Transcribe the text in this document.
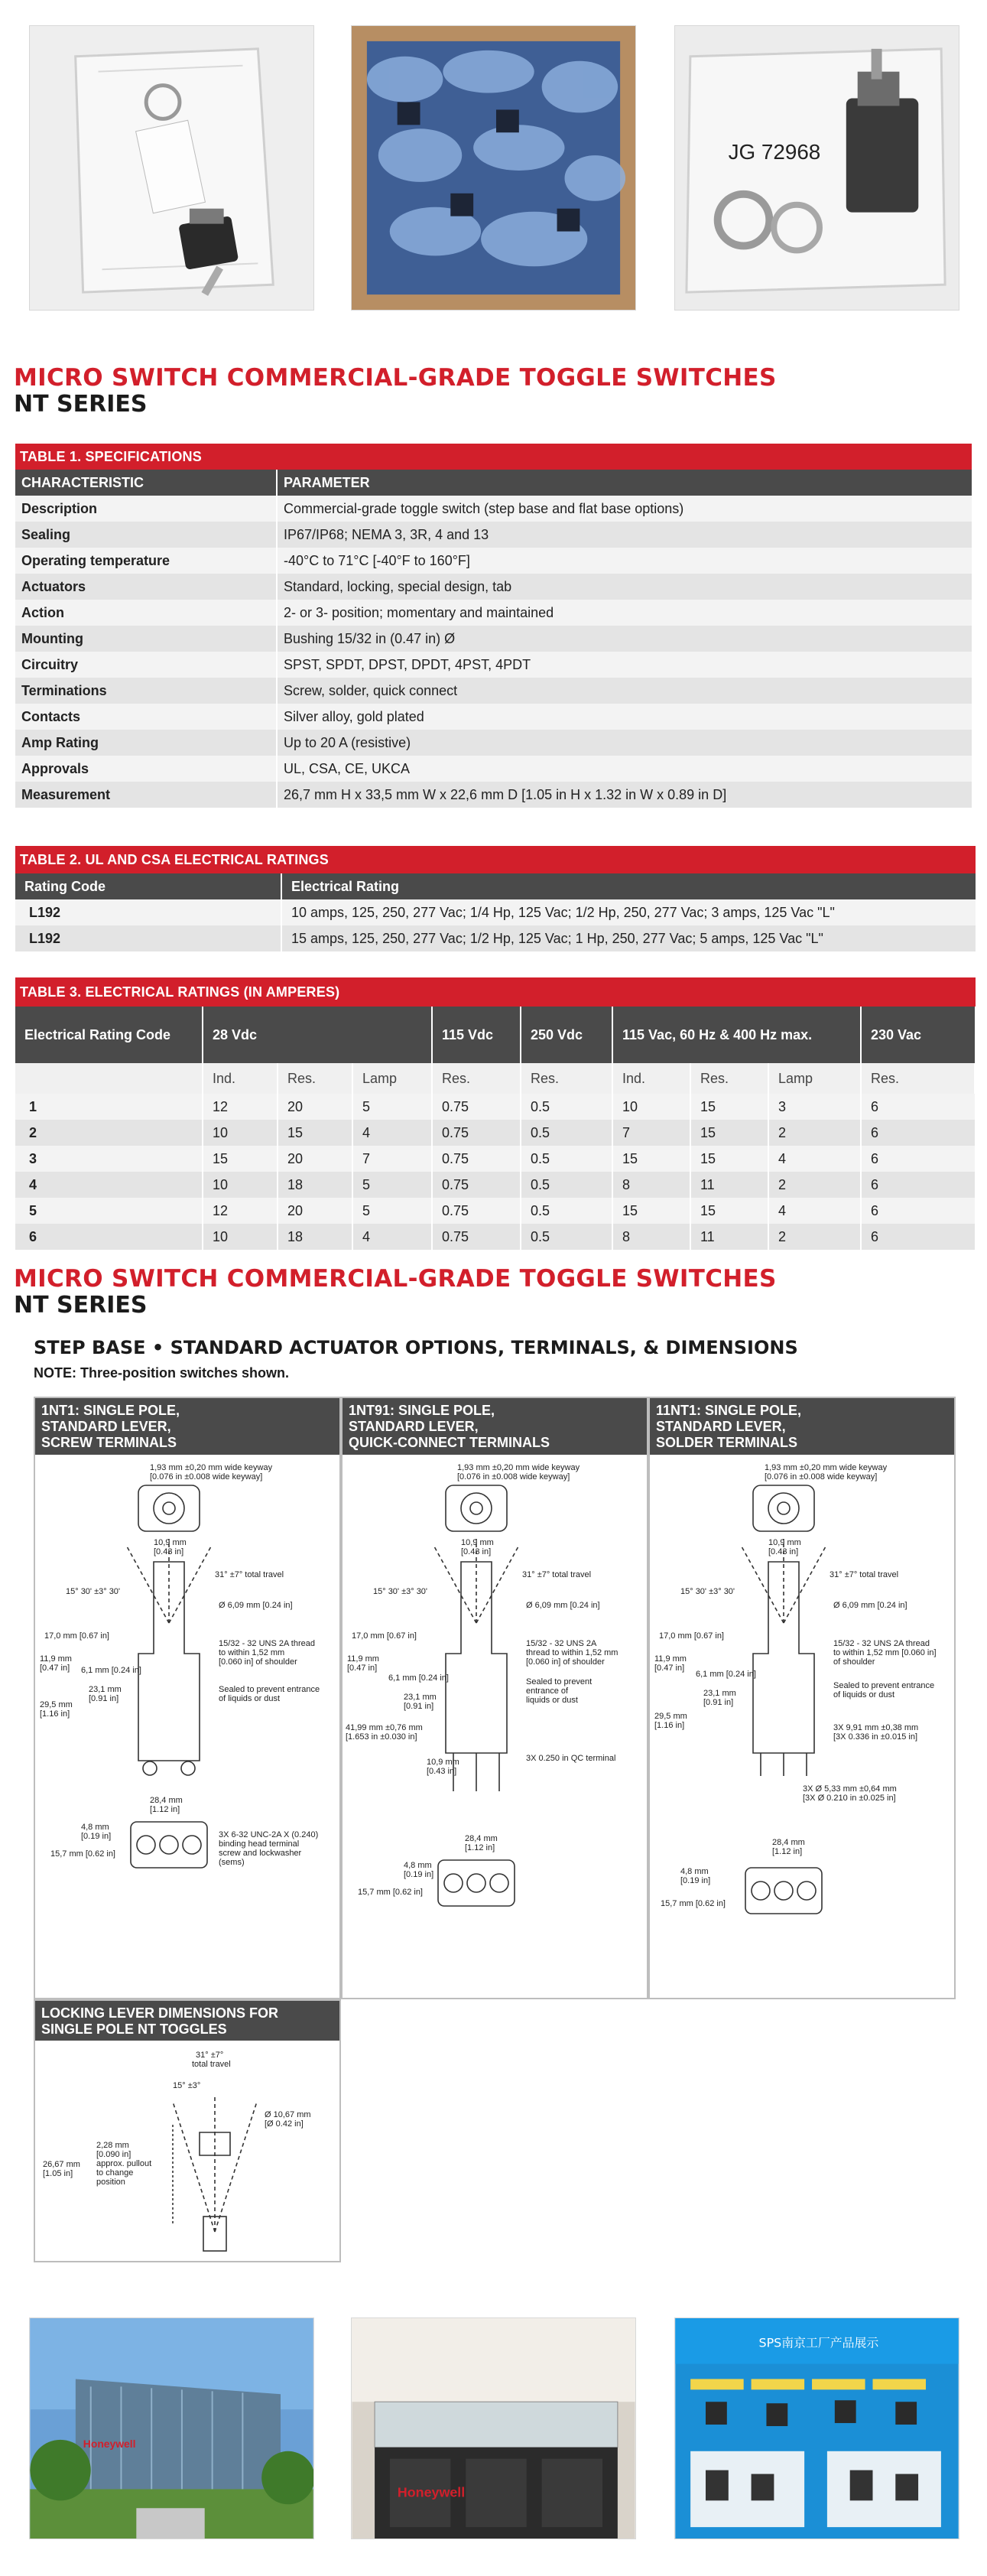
JG 72968
MICRO SWITCH COMMERCIAL-GRADE TOGGLE SWITCHES
NT SERIES
TABLE 1. SPECIFICATIONS
CHARACTERISTIC	PARAMETER
Description	Commercial-grade toggle switch (step base and flat base options)
Sealing	IP67/IP68; NEMA 3, 3R, 4 and 13
Operating temperature	-40°C to 71°C [-40°F to 160°F]
Actuators	Standard, locking, special design, tab
Action	2- or 3- position; momentary and maintained
Mounting	Bushing 15/32 in (0.47 in) Ø
Circuitry	SPST, SPDT, DPST, DPDT, 4PST, 4PDT
Terminations	Screw, solder, quick connect
Contacts	Silver alloy, gold plated
Amp Rating	Up to 20 A (resistive)
Approvals	UL, CSA, CE, UKCA
Measurement	26,7 mm H x 33,5 mm W x 22,6 mm D [1.05 in H x 1.32 in W x 0.89 in D]
TABLE 2. UL AND CSA ELECTRICAL RATINGS
Rating Code	Electrical Rating
L192	10 amps, 125, 250, 277 Vac; 1/4 Hp, 125 Vac; 1/2 Hp, 250, 277 Vac; 3 amps, 125 Vac "L"
L192	15 amps, 125, 250, 277 Vac; 1/2 Hp, 125 Vac; 1 Hp, 250, 277 Vac; 5 amps, 125 Vac "L"
TABLE 3. ELECTRICAL RATINGS (IN AMPERES)
Electrical Rating Code	28 Vdc			115 Vdc	250 Vdc	115 Vac, 60 Hz & 400 Hz max.			230 Vac
	Ind.	Res.	Lamp	Res.	Res.	Ind.	Res.	Lamp	Res.
1	12	20	5	0.75	0.5	10	15	3	6
2	10	15	4	0.75	0.5	7	15	2	6
3	15	20	7	0.75	0.5	15	15	4	6
4	10	18	5	0.75	0.5	8	11	2	6
5	12	20	5	0.75	0.5	15	15	4	6
6	10	18	4	0.75	0.5	8	11	2	6
MICRO SWITCH COMMERCIAL-GRADE TOGGLE SWITCHES
NT SERIES
STEP BASE • STANDARD ACTUATOR OPTIONS, TERMINALS, & DIMENSIONS
NOTE: Three-position switches shown.
1NT1: SINGLE POLE,
STANDARD LEVER,
SCREW TERMINALS
1,93 mm ±0,20 mm wide keyway
[0.076 in ±0.008 wide keyway]
10,9 mm
[0.43 in]
31° ±7° total travel
15° 30' ±3° 30'
Ø 6,09 mm [0.24 in]
17,0 mm [0.67 in]
15/32 - 32 UNS 2A thread
to within 1,52 mm
[0.060 in] of shoulder
11,9 mm
[0.47 in] 6,1 mm [0.24 in]
23,1 mm
[0.91 in]
Sealed to prevent entrance
of liquids or dust
29,5 mm
[1.16 in]
28,4 mm
[1.12 in]
4,8 mm
[0.19 in]
15,7 mm [0.62 in]
3X 6-32 UNC-2A X (0.240)
binding head terminal
screw and lockwasher
(sems)
1NT91: SINGLE POLE,
STANDARD LEVER,
QUICK-CONNECT TERMINALS
1,93 mm ±0,20 mm wide keyway
[0.076 in ±0.008 wide keyway]
10,9 mm
[0.43 in]
31° ±7° total travel
15° 30' ±3° 30'
Ø 6,09 mm [0.24 in]
17,0 mm [0.67 in]
15/32 - 32 UNS 2A
thread to within 1,52 mm
[0.060 in] of shoulder
11,9 mm
[0.47 in]
6,1 mm [0.24 in]
23,1 mm
[0.91 in]
Sealed to prevent
entrance of
liquids or dust
41,99 mm ±0,76 mm
[1.653 in ±0.030 in]
10,9 mm
[0.43 in]
3X 0.250 in QC terminal
28,4 mm
[1.12 in]
4,8 mm
[0.19 in]
15,7 mm [0.62 in]
11NT1: SINGLE POLE,
STANDARD LEVER,
SOLDER TERMINALS
1,93 mm ±0,20 mm wide keyway
[0.076 in ±0.008 wide keyway]
10,9 mm
[0.43 in]
31° ±7° total travel
15° 30' ±3° 30'
Ø 6,09 mm [0.24 in]
17,0 mm [0.67 in]
15/32 - 32 UNS 2A thread
to within 1,52 mm [0.060 in]
of shoulder
11,9 mm
[0.47 in]
6,1 mm [0.24 in]
23,1 mm
[0.91 in]
Sealed to prevent entrance
of liquids or dust
29,5 mm
[1.16 in]	3X 9,91 mm ±0,38 mm
[3X 0.336 in ±0.015 in]
3X Ø 5,33 mm ±0,64 mm
[3X Ø 0.210 in ±0.025 in]
28,4 mm
[1.12 in]
4,8 mm
[0.19 in]
15,7 mm [0.62 in]
LOCKING LEVER DIMENSIONS FOR
SINGLE POLE NT TOGGLES
31° ±7°
total travel
15° ±3°
Ø 10,67 mm
[Ø 0.42 in]
2,28 mm
[0.090 in]
approx. pullout
to change
position
26,67 mm
[1.05 in]
Honeywell
Honeywell
SPS南京工厂产品展示
